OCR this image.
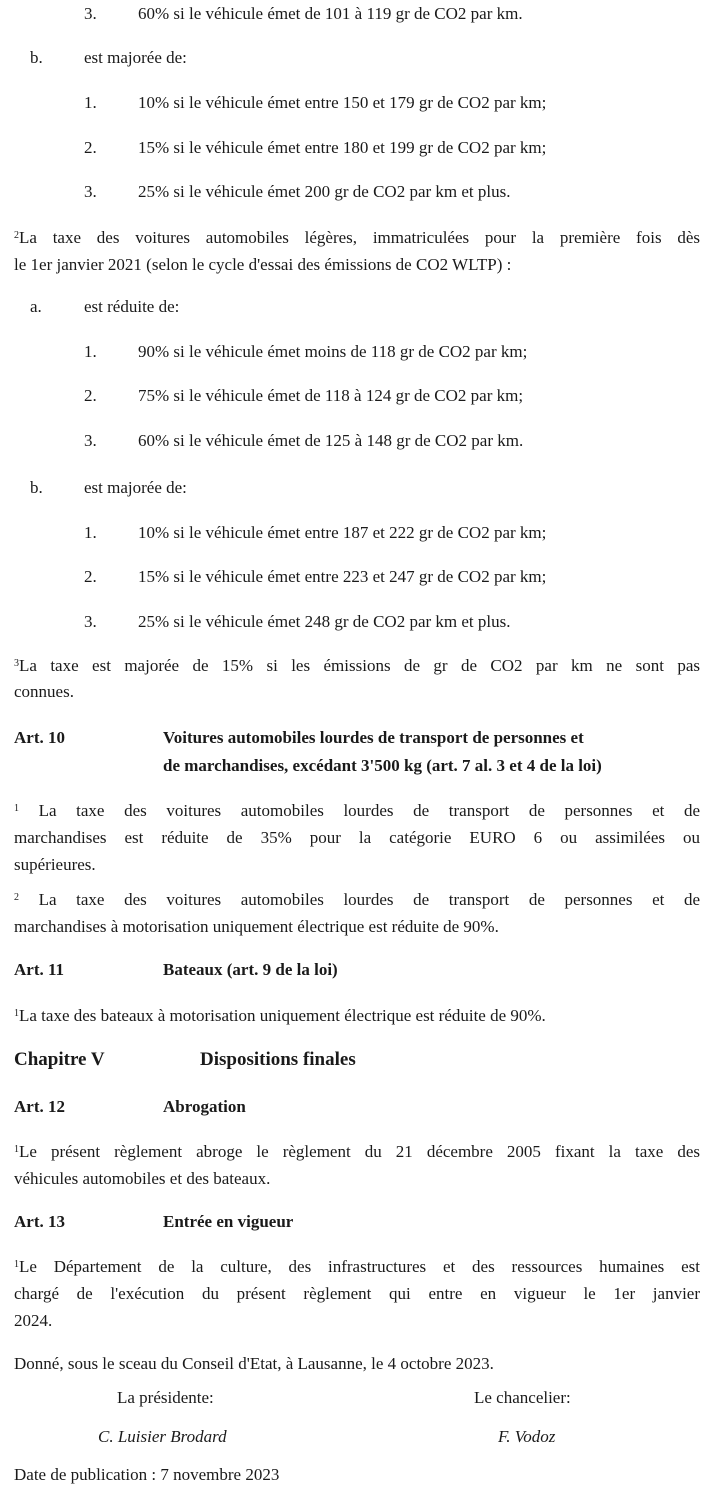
3. 60% si le véhicule émet de 101 à 119 gr de CO2 par km.
b. est majorée de:
1. 10% si le véhicule émet entre 150 et 179 gr de CO2 par km;
2. 15% si le véhicule émet entre 180 et 199 gr de CO2 par km;
3. 25% si le véhicule émet 200 gr de CO2 par km et plus.
$^2$La taxe des voitures automobiles légères, immatriculées pour la première fois dès
le 1er janvier 2021 (selon le cycle d'essai des émissions de CO2 WLTP) :
a. est réduite de:
1. 90% si le véhicule émet moins de 118 gr de CO2 par km;
2. 75% si le véhicule émet de 118 à 124 gr de CO2 par km;
3. 60% si le véhicule émet de 125 à 148 gr de CO2 par km.
b. est majorée de:
1. 10% si le véhicule émet entre 187 et 222 gr de CO2 par km;
2. 15% si le véhicule émet entre 223 et 247 gr de CO2 par km;
3. 25% si le véhicule émet 248 gr de CO2 par km et plus.
$^3$La taxe est majorée de 15% si les émissions de gr de CO2 par km ne sont pas
connues.
Art. 10	Voitures automobiles lourdes de transport de personnes et
de marchandises, excédant 3'500 kg (art. 7 al. 3 et 4 de la loi)
$^1$ La taxe des voitures automobiles lourdes de transport de personnes et de
marchandises est réduite de 35% pour la catégorie EURO 6 ou assimilées ou
supérieures.
$^2$ La taxe des voitures automobiles lourdes de transport de personnes et de
marchandises à motorisation uniquement électrique est réduite de 90%.
Art. 11	Bateaux (art. 9 de la loi)
$^1$La taxe des bateaux à motorisation uniquement électrique est réduite de 90%.
Chapitre V	Dispositions finales
Art. 12	Abrogation
$^1$Le présent règlement abroge le règlement du 21 décembre 2005 fixant la taxe des
véhicules automobiles et des bateaux.
Art. 13	Entrée en vigueur
$^1$Le Département de la culture, des infrastructures et des ressources humaines est
chargé de l'exécution du présent règlement qui entre en vigueur le 1er janvier
2024.
Donné, sous le sceau du Conseil d'Etat, à Lausanne, le 4 octobre 2023.
La présidente:	Le chancelier:
C. Luisier Brodard	F. Vodoz
Date de publication : 7 novembre 2023
